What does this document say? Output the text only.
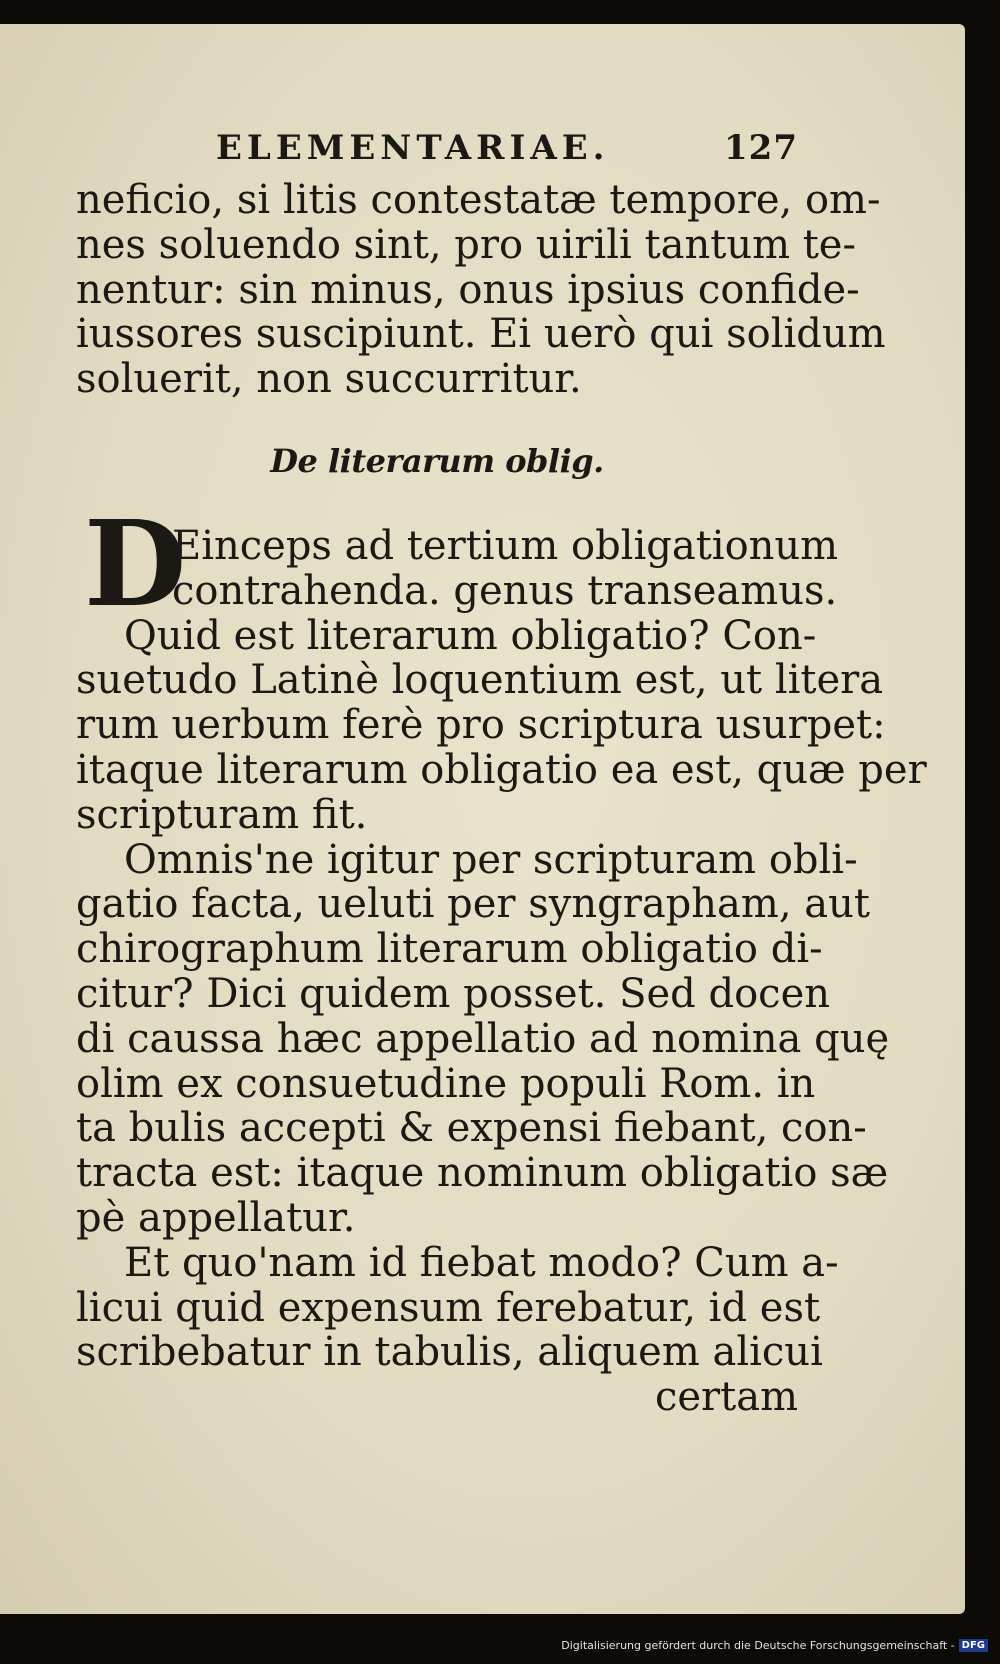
ELEMENTARIAE.	127
neficio, si litis contestatæ tempore, om-
nes soluendo sint, pro uirili tantum te-
nentur: sin minus, onus ipsius confide-
iussores suscipiunt. Ei uerò qui solidum
soluerit, non succurritur.
De literarum oblig.
D
Einceps ad tertium obligationum
contrahenda. genus transeamus.
Quid est literarum obligatio? Con-
suetudo Latinè loquentium est, ut litera
rum uerbum ferè pro scriptura usurpet:
itaque literarum obligatio ea est, quæ per
scripturam fit.
Omnis'ne igitur per scripturam obli-
gatio facta, ueluti per syngrapham, aut
chirographum literarum obligatio di-
citur? Dici quidem posset. Sed docen
di caussa hæc appellatio ad nomina quę
olim ex consuetudine populi Rom. in
ta bulis accepti & expensi fiebant, con-
tracta est: itaque nominum obligatio sæ
pè appellatur.
Et quo'nam id fiebat modo? Cum a-
licui quid expensum ferebatur, id est
scribebatur in tabulis, aliquem alicui
certam
Digitalisierung gefördert durch die Deutsche Forschungsgemeinschaft - DFG
